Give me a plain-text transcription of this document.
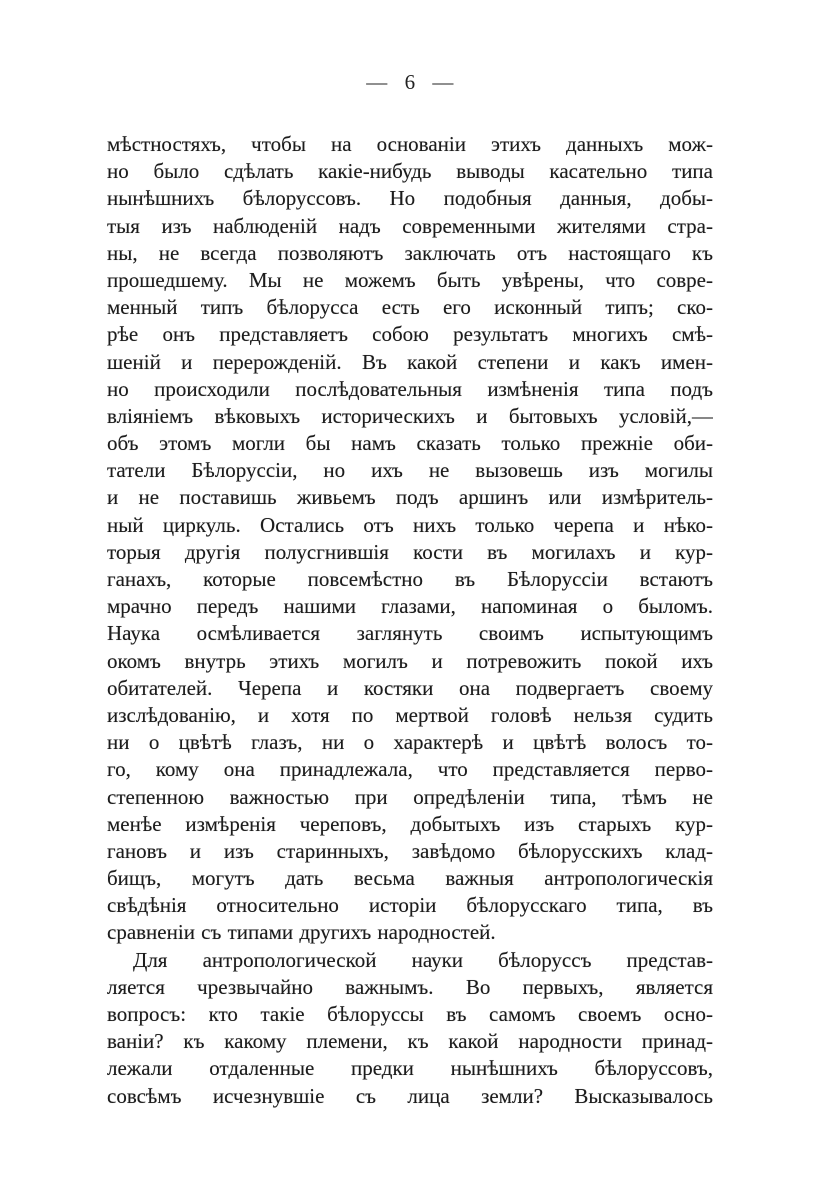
— 6 —
мѣстностяхъ, чтобы на основаніи этихъ данныхъ мож-
но было сдѣлать какіе-нибудь выводы касательно типа
нынѣшнихъ бѣлоруссовъ. Но подобныя данныя, добы-
тыя изъ наблюденій надъ современными жителями стра-
ны, не всегда позволяютъ заключать отъ настоящаго къ
прошедшему. Мы не можемъ быть увѣрены, что совре-
менный типъ бѣлорусса есть его исконный типъ; ско-
рѣе онъ представляетъ собою результатъ многихъ смѣ-
шеній и перерожденій. Въ какой степени и какъ имен-
но происходили послѣдовательныя измѣненія типа подъ
вліяніемъ вѣковыхъ историческихъ и бытовыхъ условій,—
объ этомъ могли бы намъ сказать только прежніе оби-
татели Бѣлоруссіи, но ихъ не вызовешь изъ могилы
и не поставишь живьемъ подъ аршинъ или измѣритель-
ный циркуль. Остались отъ нихъ только черепа и нѣко-
торыя другія полусгнившія кости въ могилахъ и кур-
ганахъ, которые повсемѣстно въ Бѣлоруссіи встаютъ
мрачно передъ нашими глазами, напоминая о быломъ.
Наука осмѣливается заглянуть своимъ испытующимъ
окомъ внутрь этихъ могилъ и потревожить покой ихъ
обитателей. Черепа и костяки она подвергаетъ своему
изслѣдованію, и хотя по мертвой головѣ нельзя судить
ни о цвѣтѣ глазъ, ни о характерѣ и цвѣтѣ волосъ то-
го, кому она принадлежала, что представляется перво-
степенною важностью при опредѣленіи типа, тѣмъ не
менѣе измѣренія череповъ, добытыхъ изъ старыхъ кур-
гановъ и изъ старинныхъ, завѣдомо бѣлорусскихъ клад-
бищъ, могутъ дать весьма важныя антропологическія
свѣдѣнія относительно исторіи бѣлорусскаго типа, въ
сравненіи съ типами другихъ народностей.
Для антропологической науки бѣлоруссъ представ-
ляется чрезвычайно важнымъ. Во первыхъ, является
вопросъ: кто такіе бѣлоруссы въ самомъ своемъ осно-
ваніи? къ какому племени, къ какой народности принад-
лежали отдаленные предки нынѣшнихъ бѣлоруссовъ,
совсѣмъ исчезнувшіе съ лица земли? Высказывалось
